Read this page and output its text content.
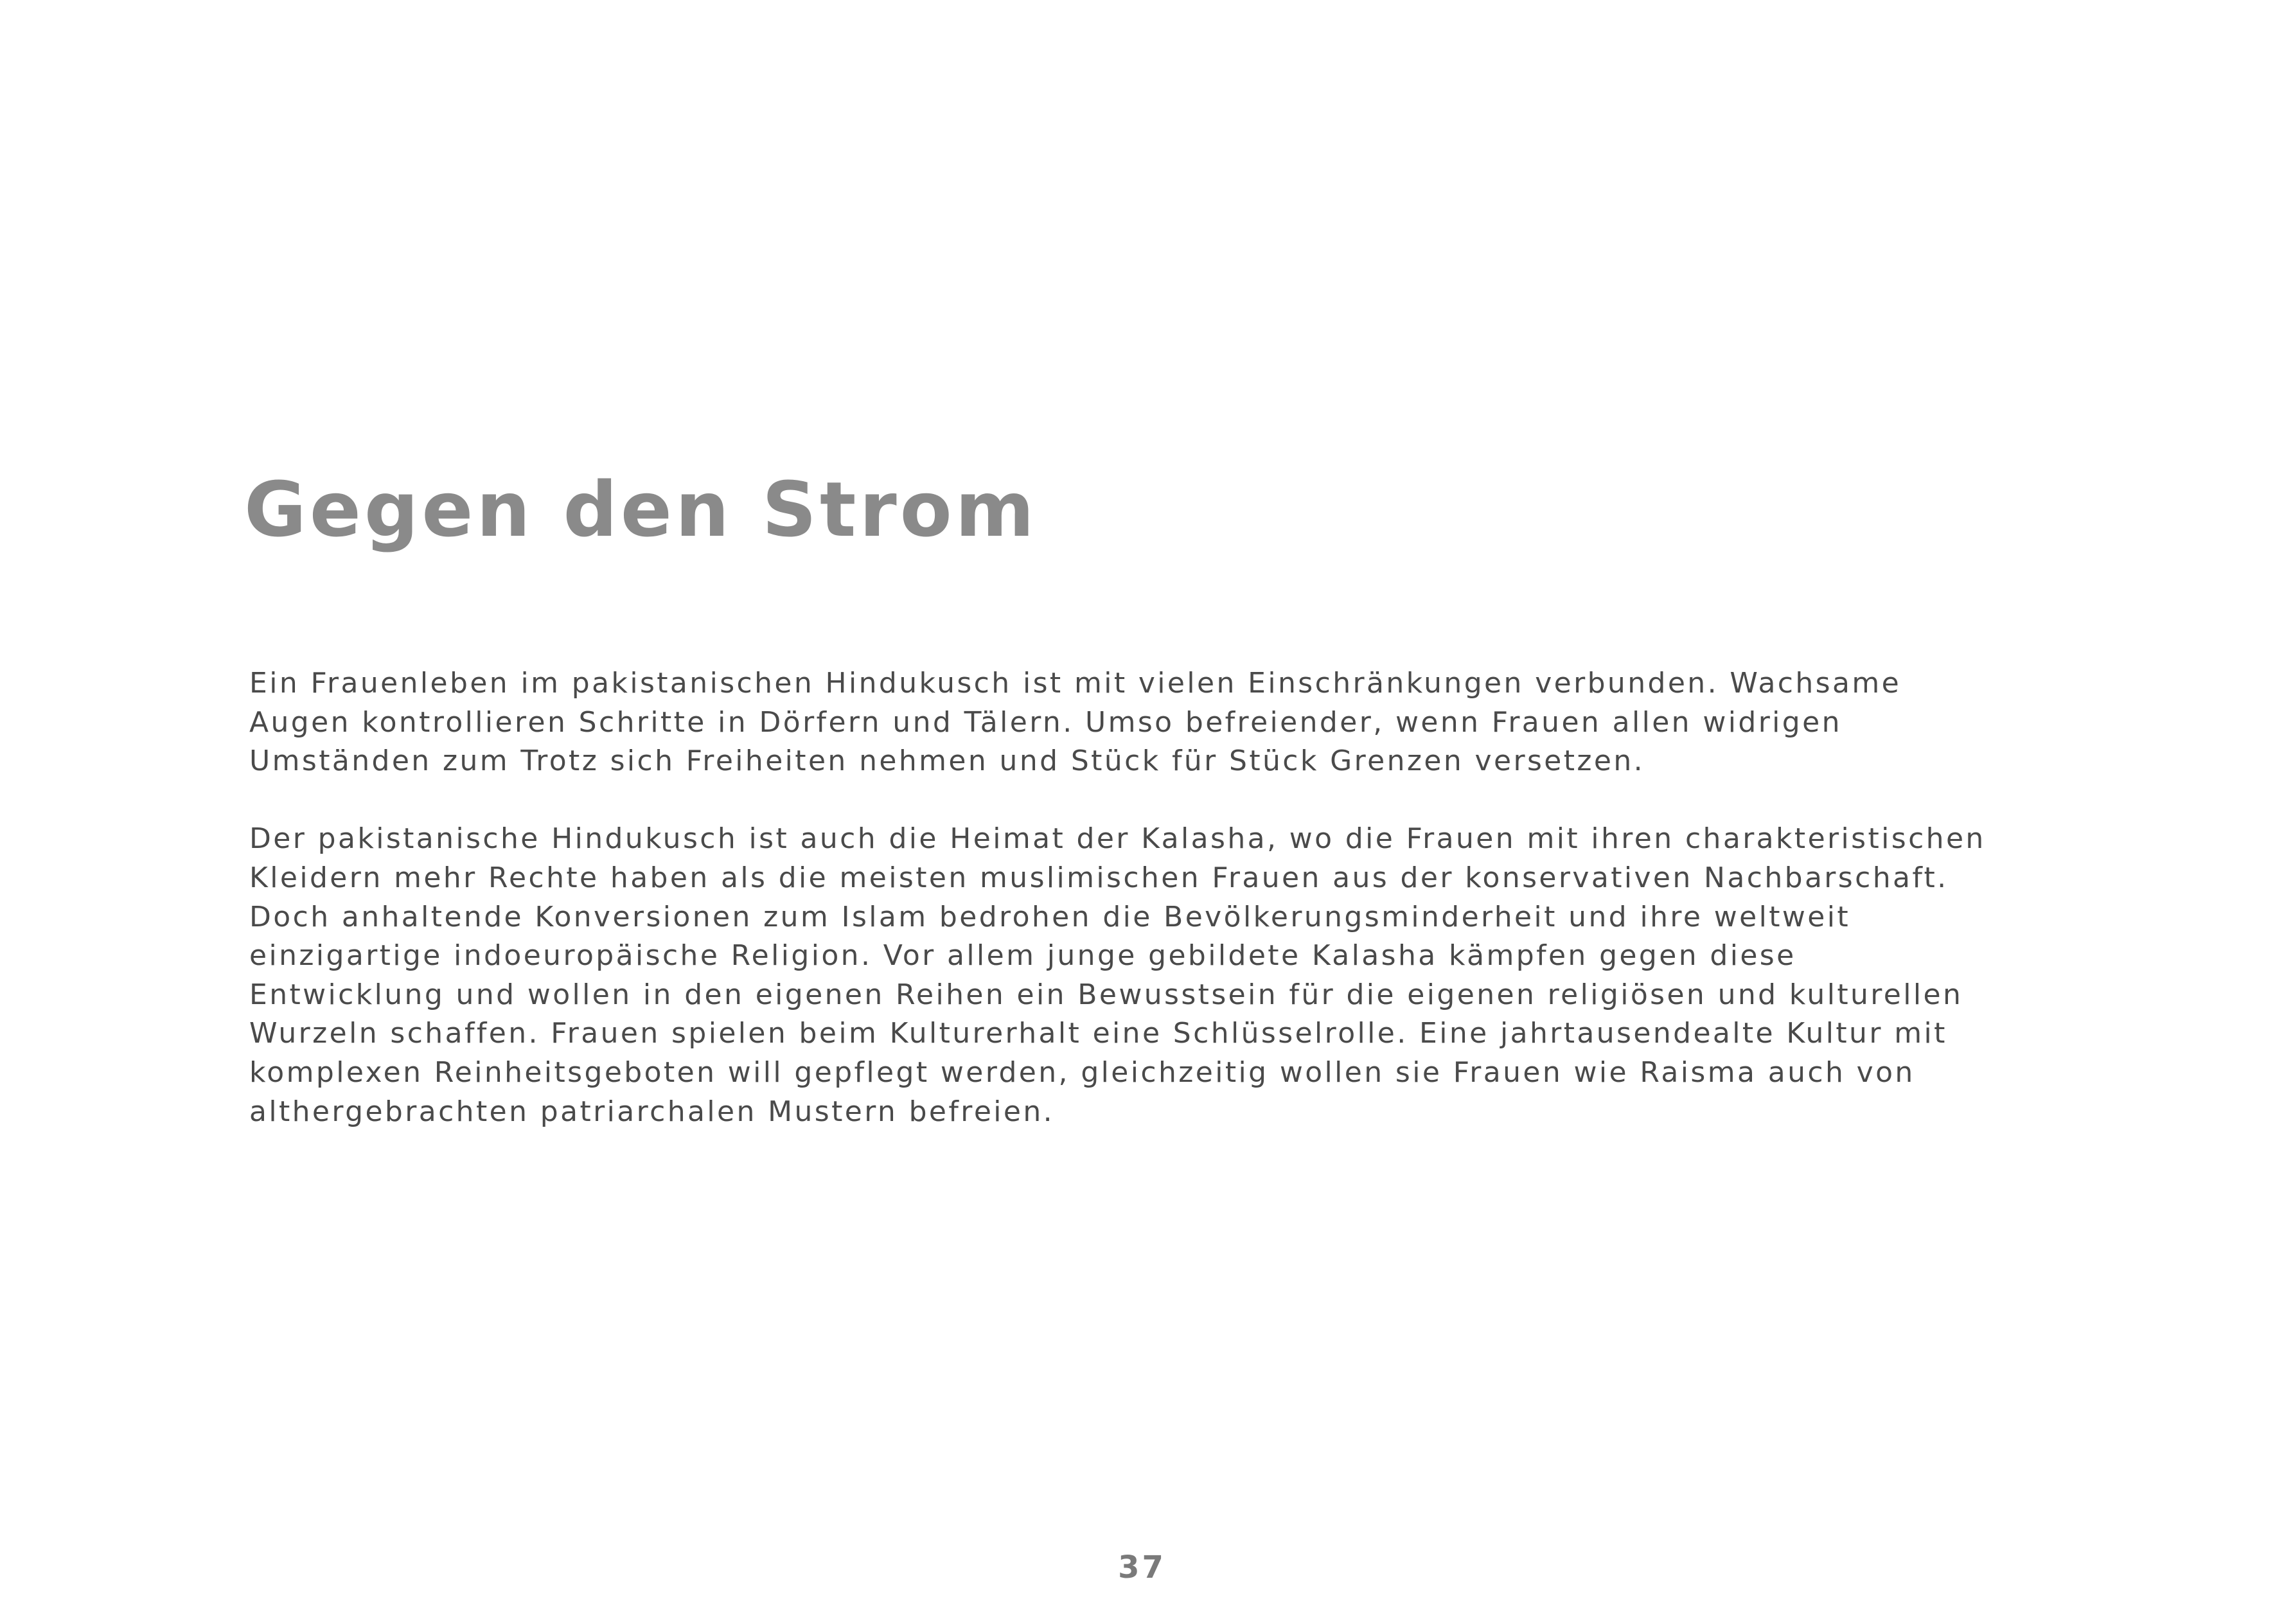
Gegen den Strom

Ein Frauenleben im pakistanischen Hindukusch ist mit vielen Einschränkungen verbunden. Wachsame
Augen kontrollieren Schritte in Dörfern und Tälern. Umso befreiender, wenn Frauen allen widrigen
Umständen zum Trotz sich Freiheiten nehmen und Stück für Stück Grenzen versetzen.

Der pakistanische Hindukusch ist auch die Heimat der Kalasha, wo die Frauen mit ihren charakteristischen
Kleidern mehr Rechte haben als die meisten muslimischen Frauen aus der konservativen Nachbarschaft.
Doch anhaltende Konversionen zum Islam bedrohen die Bevölkerungsminderheit und ihre weltweit
einzigartige indoeuropäische Religion. Vor allem junge gebildete Kalasha kämpfen gegen diese
Entwicklung und wollen in den eigenen Reihen ein Bewusstsein für die eigenen religiösen und kulturellen
Wurzeln schaffen. Frauen spielen beim Kulturerhalt eine Schlüsselrolle. Eine jahrtausendealte Kultur mit
komplexen Reinheitsgeboten will gepflegt werden, gleichzeitig wollen sie Frauen wie Raisma auch von
althergebrachten patriarchalen Mustern befreien.

37
